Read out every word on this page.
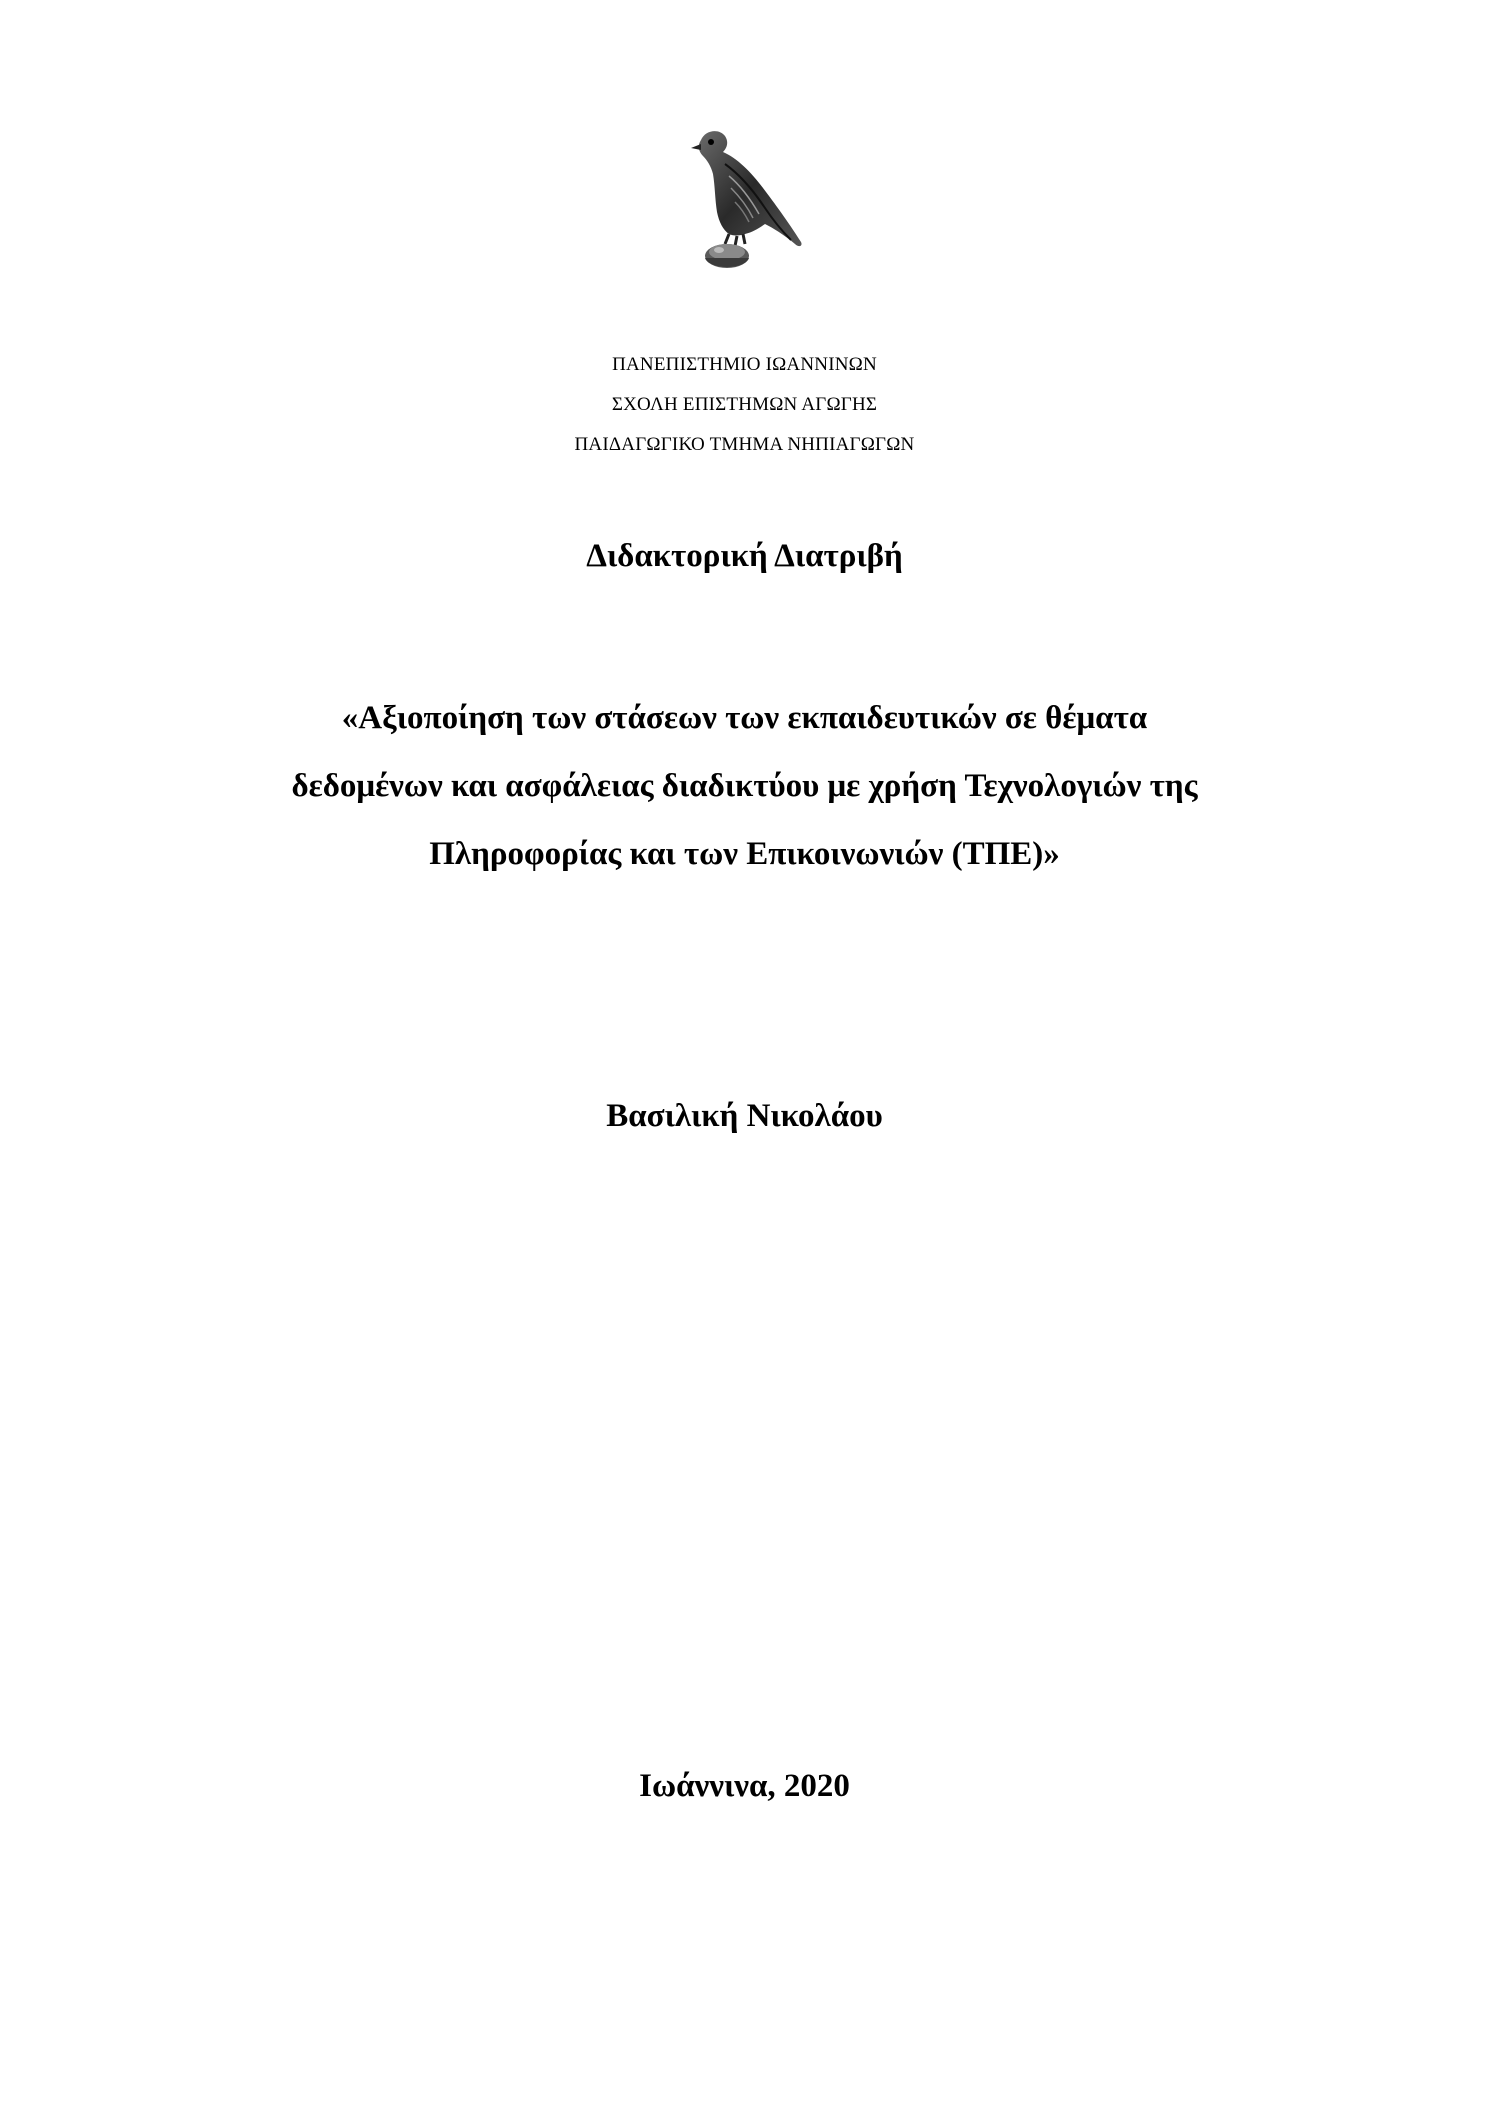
ΠΑΝΕΠΙΣΤΗΜΙΟ ΙΩΑΝΝΙΝΩΝ
ΣΧΟΛΗ ΕΠΙΣΤΗΜΩΝ ΑΓΩΓΗΣ
ΠΑΙΔΑΓΩΓΙΚΟ ΤΜΗΜΑ ΝΗΠΙΑΓΩΓΩΝ
Διδακτορική Διατριβή
«Αξιοποίηση των στάσεων των εκπαιδευτικών σε θέματα
δεδομένων και ασφάλειας διαδικτύου με χρήση Τεχνολογιών της
Πληροφορίας και των Επικοινωνιών (ΤΠΕ)»
Βασιλική Νικολάου
Ιωάννινα, 2020
